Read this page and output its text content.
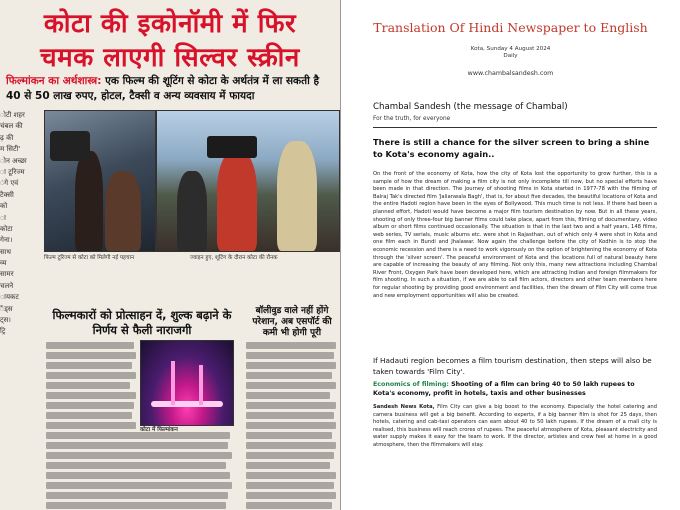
कोटा की इकोनॉमी में फिर
चमक लाएगी सिल्वर स्क्रीन
फिल्मांकन का अर्थशास्त्र: एक फिल्म की शूटिंग से कोटा के अर्थतंत्र में ला सकती है 40 से 50 लाख रुपए, होटल, टैक्सी व अन्य व्यवसाय में फायदा
ोटी शहर
चंबल की
ढ़ की
म सिटी'
ोन अच्छा
ा टूरिज्म
ंगे एवं
टैक्सी
को
ा
कोटा
गेना।
साथ
व्य
सामर
चलने
ायकट
ैंड्स
ट्स।
ट्रि
फिल्म टूरिज्म से कोटा को मिलेगी नई पहचान	ज्वाइन हुए, शूटिंग के दौरान कोटा की रौनक
फिल्मकारों को प्रोत्साहन दें, शुल्क बढ़ाने के निर्णय से फैली नाराजगी
बॉलीवुड वाले नहीं होंगे परेशान, अब एसपॉर्ट की कमी भी होगी पूरी
कोटा में फिल्मांकन
Translation Of Hindi Newspaper to English
Kota, Sunday 4 August 2024
Daily
www.chambalsandesh.com
Chambal Sandesh (the message of Chambal)
For the truth, for everyone
There is still a chance for the silver screen to bring a shine to Kota's economy again..
On the front of the economy of Kota, how the city of Kota lost the opportunity to grow further, this is a sample of how the dream of making a film city is not only incomplete till now, but no special efforts have been made in that direction. The journey of shooting films in Kota started in 1977-78 with the filming of Balraj Tak's directed film 'Jalianwala Bagh', that is, for about five decades, the beautiful locations of Kota and the entire Hadoti region have been in the eyes of Bollywood. This much time is not less. If there had been a planned effort, Hadoti would have become a major film tourism destination by now. But in all these years, shooting of only three-four big banner films could take place, apart from this, filming of documentary, video album or short films continued occasionally. The situation is that in the last two and a half years, 148 films, web series, TV serials, music albums etc. were shot in Rajasthan, out of which only 4 were shot in Kota and one film each in Bundi and Jhalawar. Now again the challenge before the city of Kodhin is to stop the economic recession and there is a need to work vigorously on the option of brightening the economy of Kota through the 'silver screen'. The peaceful environment of Kota and the locations full of natural beauty here are capable of increasing the beauty of any filming. Not only this, many new attractions including Chambal River Front, Oxygen Park have been developed here, which are attracting Indian and foreign filmmakers for film shooting. In such a situation, if we are able to call film actors, directors and other team members here for regular shooting by providing good environment and facilities, then the dream of Film City will come true and new employment opportunities will also be created.
If Hadauti region becomes a film tourism destination, then steps will also be taken towards 'Film City'.
Economics of filming: Shooting of a film can bring 40 to 50 lakh rupees to Kota's economy, profit in hotels, taxis and other businesses
Sandesh News Kota, Film City can give a big boost to the economy. Especially the hotel catering and camera business will get a big benefit. According to experts, if a big banner film is shot for 25 days, then hotels, catering and cab-taxi operators can earn about 40 to 50 lakh rupees. If the dream of a mall city is realised, this business will reach crores of rupees. The peaceful atmosphere of Kota, pleasant electricity and water supply makes it easy for the team to work. If the director, artistes and crew feel at home in a good atmosphere, then the filmmakers will stay.
